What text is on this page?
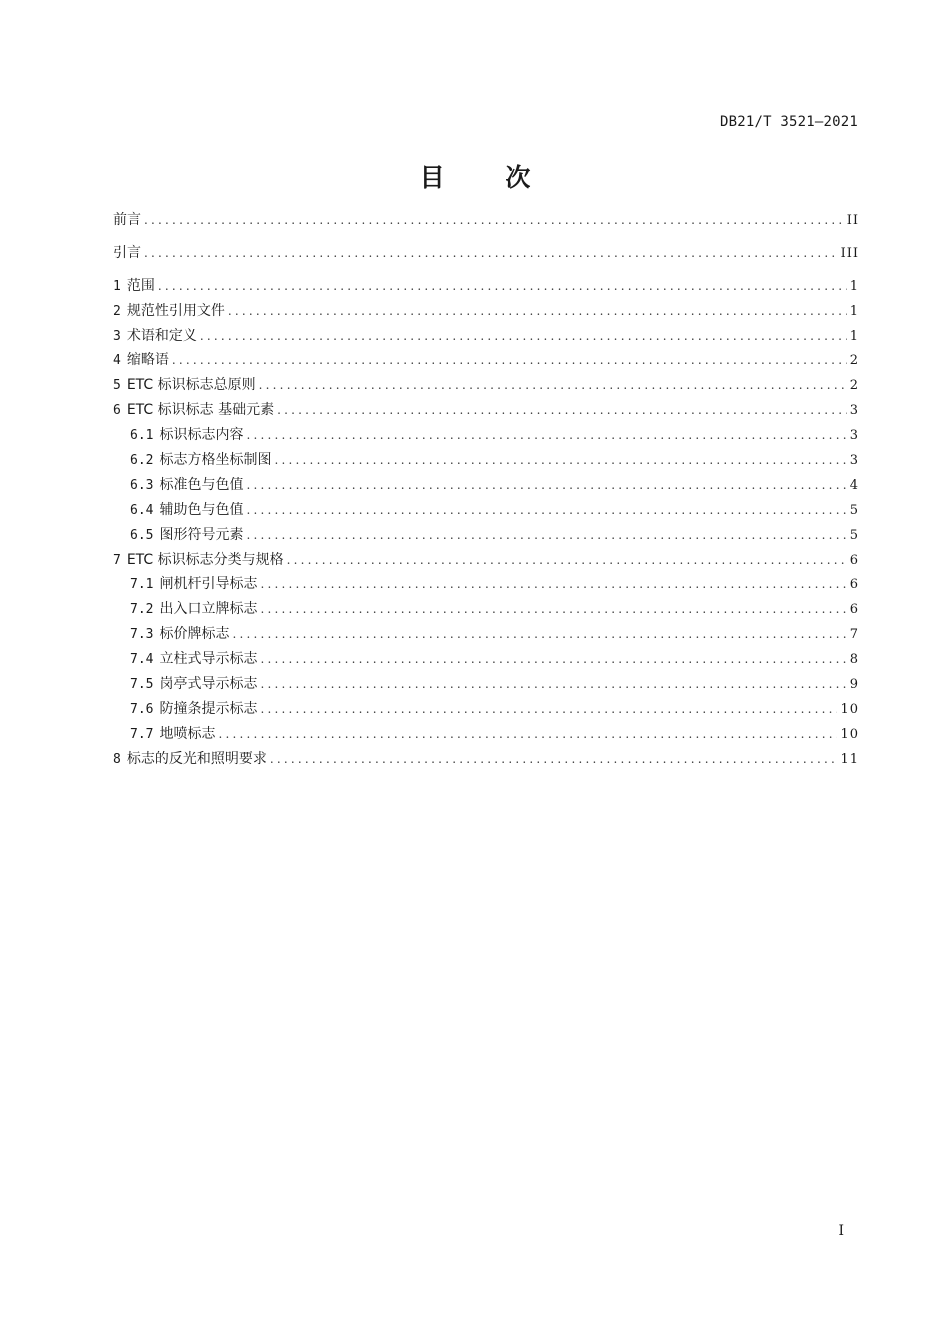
DB21/T 3521—2021
目 次
前言 .....	II
引言 .....	III
1 范围 .....	1
2 规范性引用文件 .....	1
3 术语和定义 .....	1
4 缩略语 .....	2
5 ETC 标识标志总原则 .....	2
6 ETC 标识标志 基础元素 .....	3
6.1 标识标志内容 .....	3
6.2 标志方格坐标制图 .....	3
6.3 标准色与色值 .....	4
6.4 辅助色与色值 .....	5
6.5 图形符号元素 .....	5
7 ETC 标识标志分类与规格 .....	6
7.1 闸机杆引导标志 .....	6
7.2 出入口立牌标志 .....	6
7.3 标价牌标志 .....	7
7.4 立柱式导示标志 .....	8
7.5 岗亭式导示标志 .....	9
7.6 防撞条提示标志 .....	10
7.7 地喷标志 .....	10
8 标志的反光和照明要求 .....	11
I
